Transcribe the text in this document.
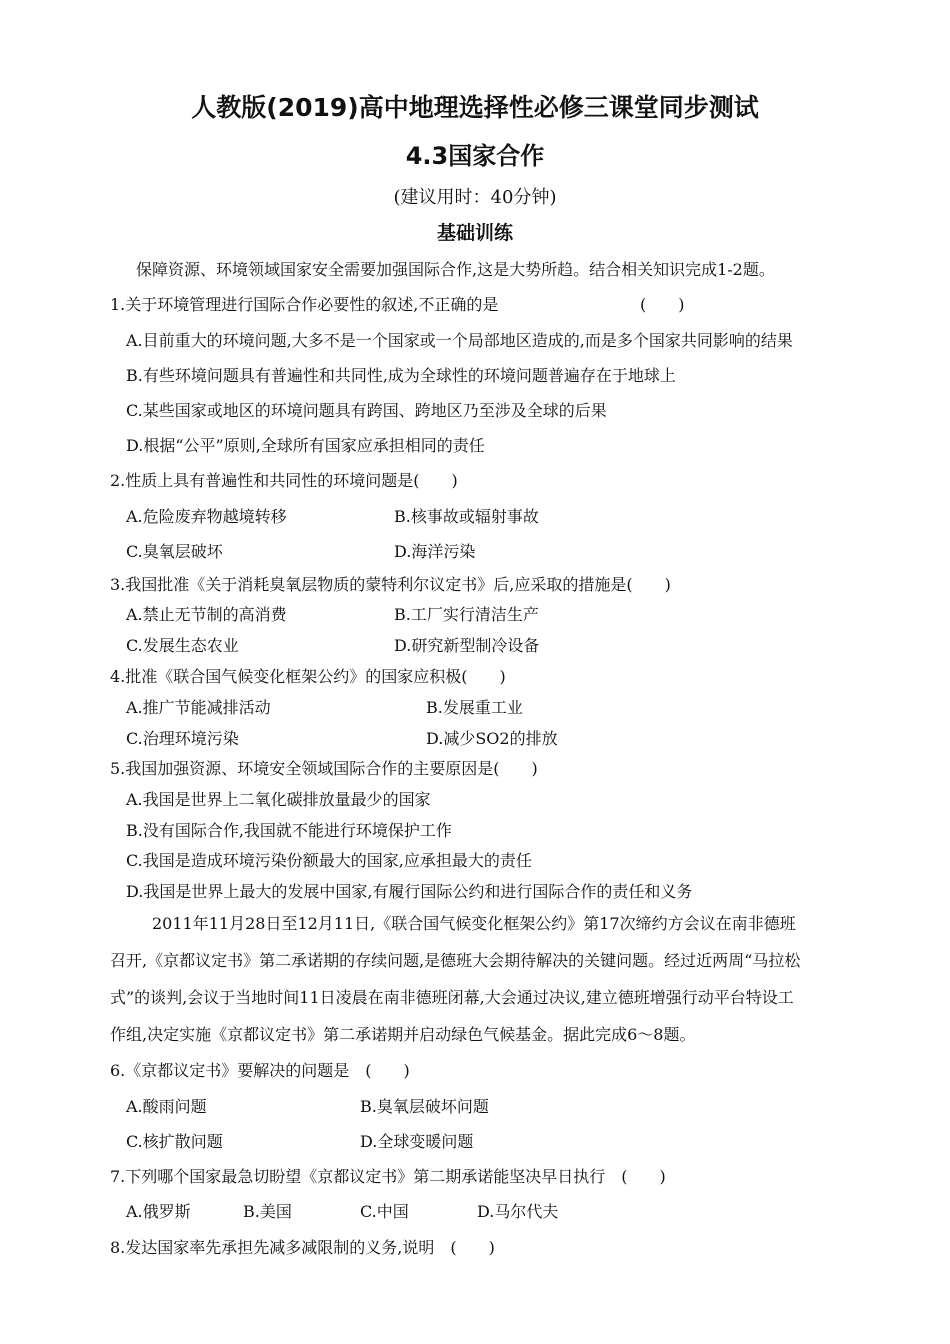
人教版(2019)高中地理选择性必修三课堂同步测试
4.3国家合作
(建议用时：40分钟)
基础训练
保障资源、环境领域国家安全需要加强国际合作,这是大势所趋。结合相关知识完成1-2题。
1.关于环境管理进行国际合作必要性的叙述,不正确的是	(　　)
A.目前重大的环境问题,大多不是一个国家或一个局部地区造成的,而是多个国家共同影响的结果
B.有些环境问题具有普遍性和共同性,成为全球性的环境问题普遍存在于地球上
C.某些国家或地区的环境问题具有跨国、跨地区乃至涉及全球的后果
D.根据“公平”原则,全球所有国家应承担相同的责任
2.性质上具有普遍性和共同性的环境问题是(　　)
A.危险废弃物越境转移	B.核事故或辐射事故
C.臭氧层破坏	D.海洋污染
3.我国批准《关于消耗臭氧层物质的蒙特利尔议定书》后,应采取的措施是(　　)
A.禁止无节制的高消费	B.工厂实行清洁生产
C.发展生态农业	D.研究新型制冷设备
4.批准《联合国气候变化框架公约》的国家应积极(　　)
A.推广节能减排活动	B.发展重工业
C.治理环境污染	D.减少SO2的排放
5.我国加强资源、环境安全领域国际合作的主要原因是(　　)
A.我国是世界上二氧化碳排放量最少的国家
B.没有国际合作,我国就不能进行环境保护工作
C.我国是造成环境污染份额最大的国家,应承担最大的责任
D.我国是世界上最大的发展中国家,有履行国际公约和进行国际合作的责任和义务
2011年11月28日至12月11日,《联合国气候变化框架公约》第17次缔约方会议在南非德班
召开,《京都议定书》第二承诺期的存续问题,是德班大会期待解决的关键问题。经过近两周“马拉松
式”的谈判,会议于当地时间11日凌晨在南非德班闭幕,大会通过决议,建立德班增强行动平台特设工
作组,决定实施《京都议定书》第二承诺期并启动绿色气候基金。据此完成6～8题。
6.《京都议定书》要解决的问题是　(　　)
A.酸雨问题	B.臭氧层破坏问题
C.核扩散问题	D.全球变暖问题
7.下列哪个国家最急切盼望《京都议定书》第二期承诺能坚决早日执行　(　　)
A.俄罗斯	B.美国	C.中国	D.马尔代夫
8.发达国家率先承担先减多减限制的义务,说明　(　　)
